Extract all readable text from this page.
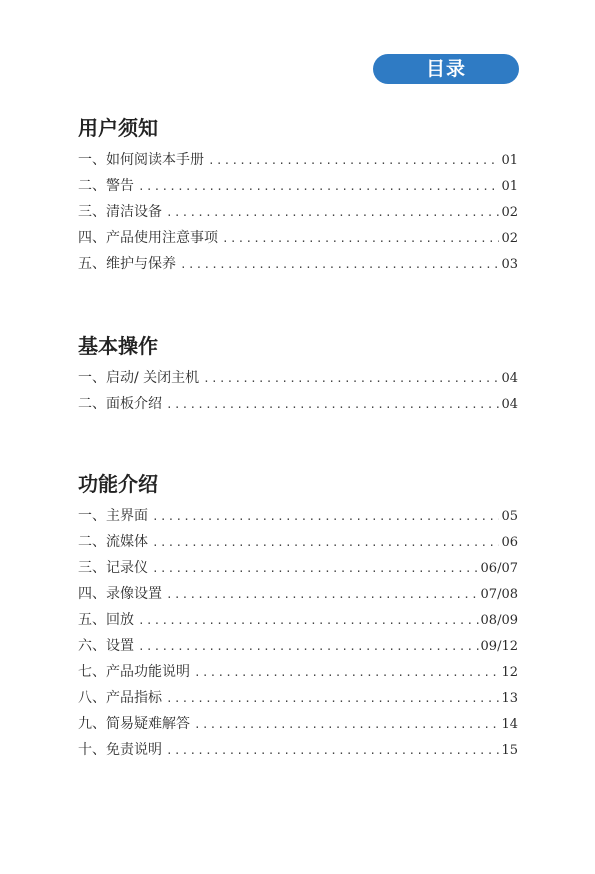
目录
用户须知
一、如何阅读本手册 .....	01
二、警告 .....	01
三、清洁设备 .....	02
四、产品使用注意事项 .....	02
五、维护与保养 .....	03
基本操作
一、启动/ 关闭主机 .....	04
二、面板介绍 .....	04
功能介绍
一、主界面 .....	05
二、流媒体 .....	06
三、记录仪 .....	06/07
四、录像设置 .....	07/08
五、回放 .....	08/09
六、设置 .....	09/12
七、产品功能说明 .....	12
八、产品指标 .....	13
九、简易疑难解答 .....	14
十、免责说明 .....	15
